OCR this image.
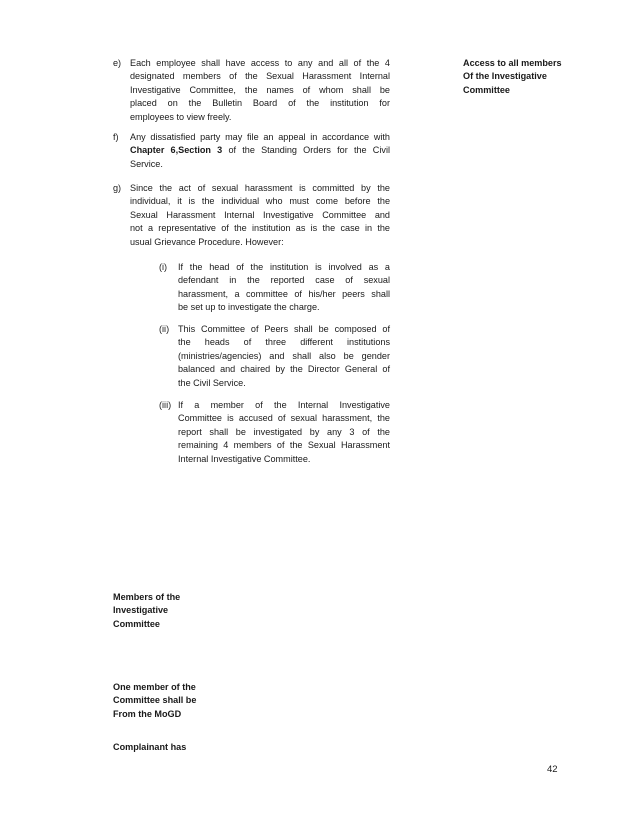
e) Each employee shall have access to any and all of the 4
designated members of the Sexual Harassment Internal
Investigative Committee, the names of whom shall be
placed on the Bulletin Board of the institution for
employees to view freely.
f) Any dissatisfied party may file an appeal in accordance with
Chapter 6,Section 3 of the Standing Orders for the Civil
Service.
g) Since the act of sexual harassment is committed by the
individual, it is the individual who must come before the
Sexual Harassment Internal Investigative Committee and
not a representative of the institution as is the case in the
usual Grievance Procedure. However:
(i) If the head of the institution is involved as a
defendant in the reported case of sexual
harassment, a committee of his/her peers shall
be set up to investigate the charge.
(ii) This Committee of Peers shall be composed of
the heads of three different institutions
(ministries/agencies) and shall also be gender
balanced and chaired by the Director General of
the Civil Service.
(iii) If a member of the Internal Investigative
Committee is accused of sexual harassment, the
report shall be investigated by any 3 of the
remaining 4 members of the Sexual Harassment
Internal Investigative Committee.
Access to all members
Of the Investigative
Committee
Members of the
Investigative
Committee
One member of the
Committee shall be
From the MoGD
Complainant has
42
